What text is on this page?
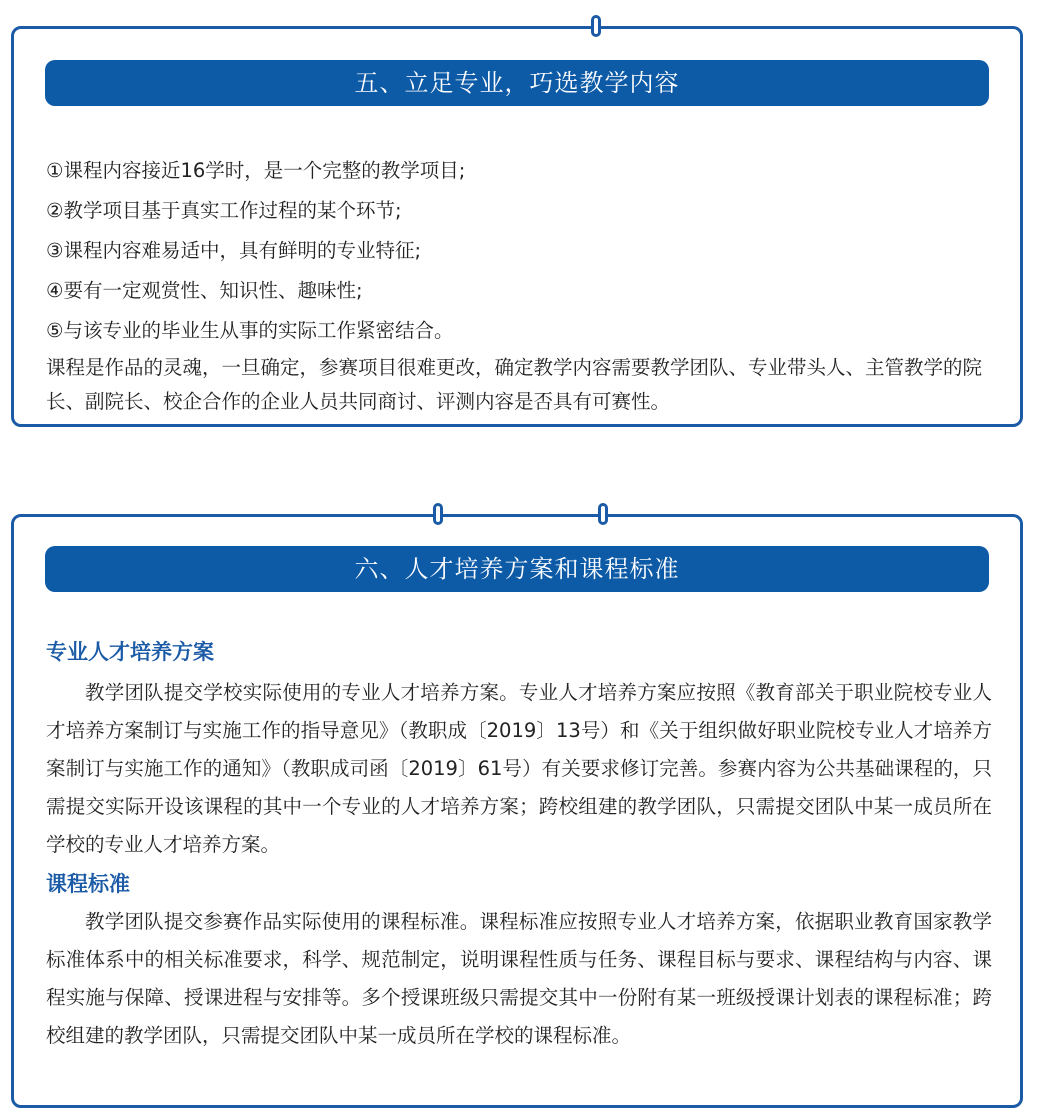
五、立足专业，巧选教学内容
①课程内容接近16学时，是一个完整的教学项目;
②教学项目基于真实工作过程的某个环节;
③课程内容难易适中，具有鲜明的专业特征;
④要有一定观赏性、知识性、趣味性;
⑤与该专业的毕业生从事的实际工作紧密结合。

课程是作品的灵魂，一旦确定，参赛项目很难更改，确定教学内容需要教学团队、专业带头人、主管教学的院长、副院长、校企合作的企业人员共同商讨、评测内容是否具有可赛性。

六、人才培养方案和课程标准
专业人才培养方案

教学团队提交学校实际使用的专业人才培养方案。专业人才培养方案应按照《教育部关于职业院校专业人才培养方案制订与实施工作的指导意见》（教职成〔2019〕13号）和《关于组织做好职业院校专业人才培养方案制订与实施工作的通知》（教职成司函〔2019〕61号）有关要求修订完善。参赛内容为公共基础课程的，只需提交实际开设该课程的其中一个专业的人才培养方案；跨校组建的教学团队，只需提交团队中某一成员所在学校的专业人才培养方案。

课程标准

教学团队提交参赛作品实际使用的课程标准。课程标准应按照专业人才培养方案，依据职业教育国家教学标准体系中的相关标准要求，科学、规范制定，说明课程性质与任务、课程目标与要求、课程结构与内容、课程实施与保障、授课进程与安排等。多个授课班级只需提交其中一份附有某一班级授课计划表的课程标准；跨校组建的教学团队，只需提交团队中某一成员所在学校的课程标准。
